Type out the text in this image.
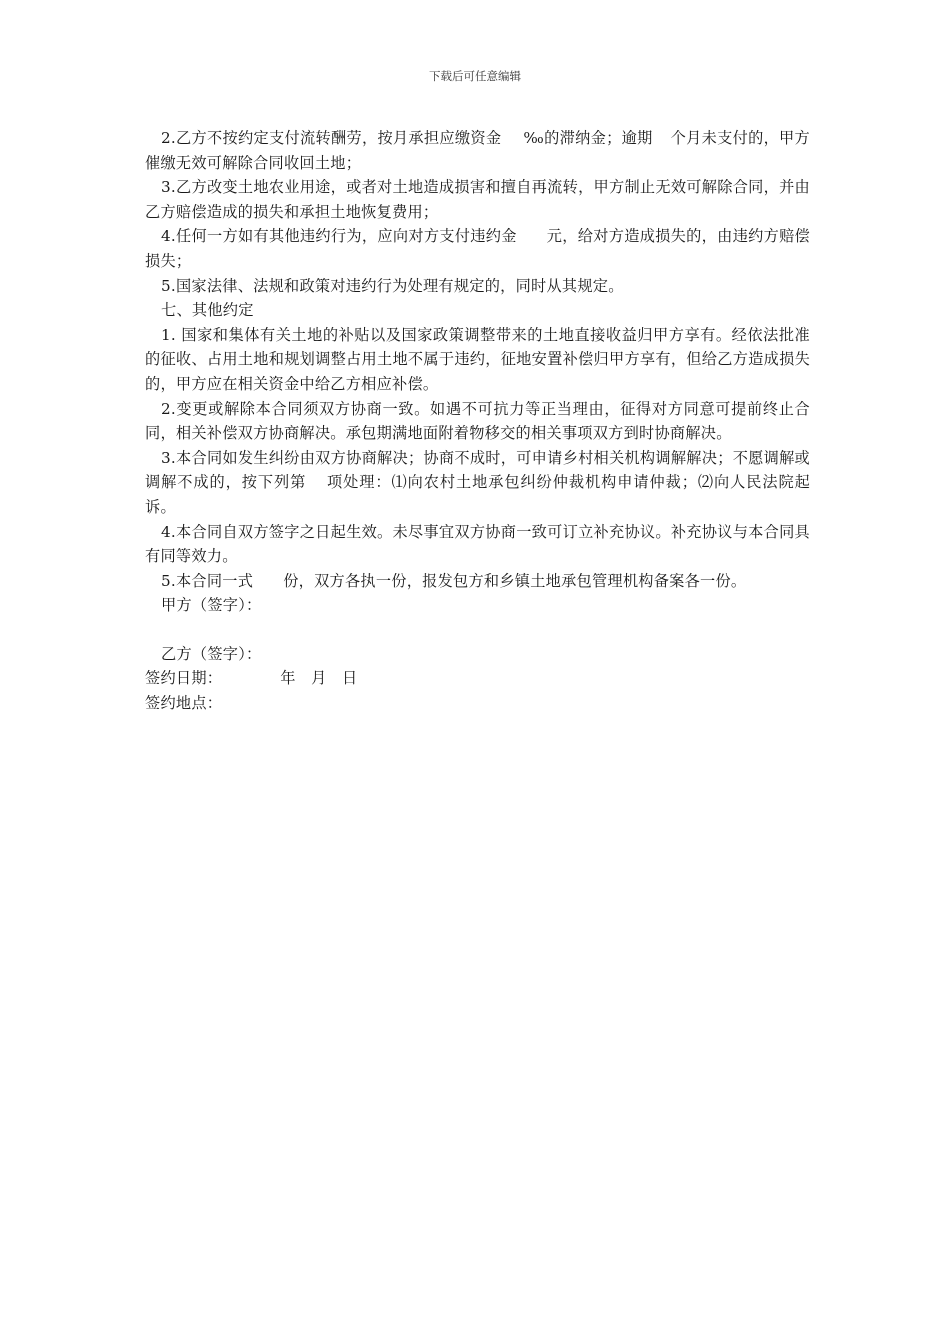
下载后可任意编辑
2.乙方不按约定支付流转酬劳，按月承担应缴资金 ‰的滞纳金；逾期 个月未支付的，甲方催缴无效可解除合同收回土地；
3.乙方改变土地农业用途，或者对土地造成损害和擅自再流转，甲方制止无效可解除合同，并由乙方赔偿造成的损失和承担土地恢复费用；
4.任何一方如有其他违约行为，应向对方支付违约金 元，给对方造成损失的，由违约方赔偿损失；
5.国家法律、法规和政策对违约行为处理有规定的，同时从其规定。
七、其他约定
1. 国家和集体有关土地的补贴以及国家政策调整带来的土地直接收益归甲方享有。经依法批准的征收、占用土地和规划调整占用土地不属于违约，征地安置补偿归甲方享有，但给乙方造成损失的，甲方应在相关资金中给乙方相应补偿。
2.变更或解除本合同须双方协商一致。如遇不可抗力等正当理由，征得对方同意可提前终止合同，相关补偿双方协商解决。承包期满地面附着物移交的相关事项双方到时协商解决。
3.本合同如发生纠纷由双方协商解决；协商不成时，可申请乡村相关机构调解解决；不愿调解或调解不成的，按下列第 项处理：⑴向农村土地承包纠纷仲裁机构申请仲裁；⑵向人民法院起诉。
4.本合同自双方签字之日起生效。未尽事宜双方协商一致可订立补充协议。补充协议与本合同具有同等效力。
5.本合同一式 份，双方各执一份，报发包方和乡镇土地承包管理机构备案各一份。
甲方（签字）：
乙方（签字）：
签约日期：	年　月　日
签约地点：
